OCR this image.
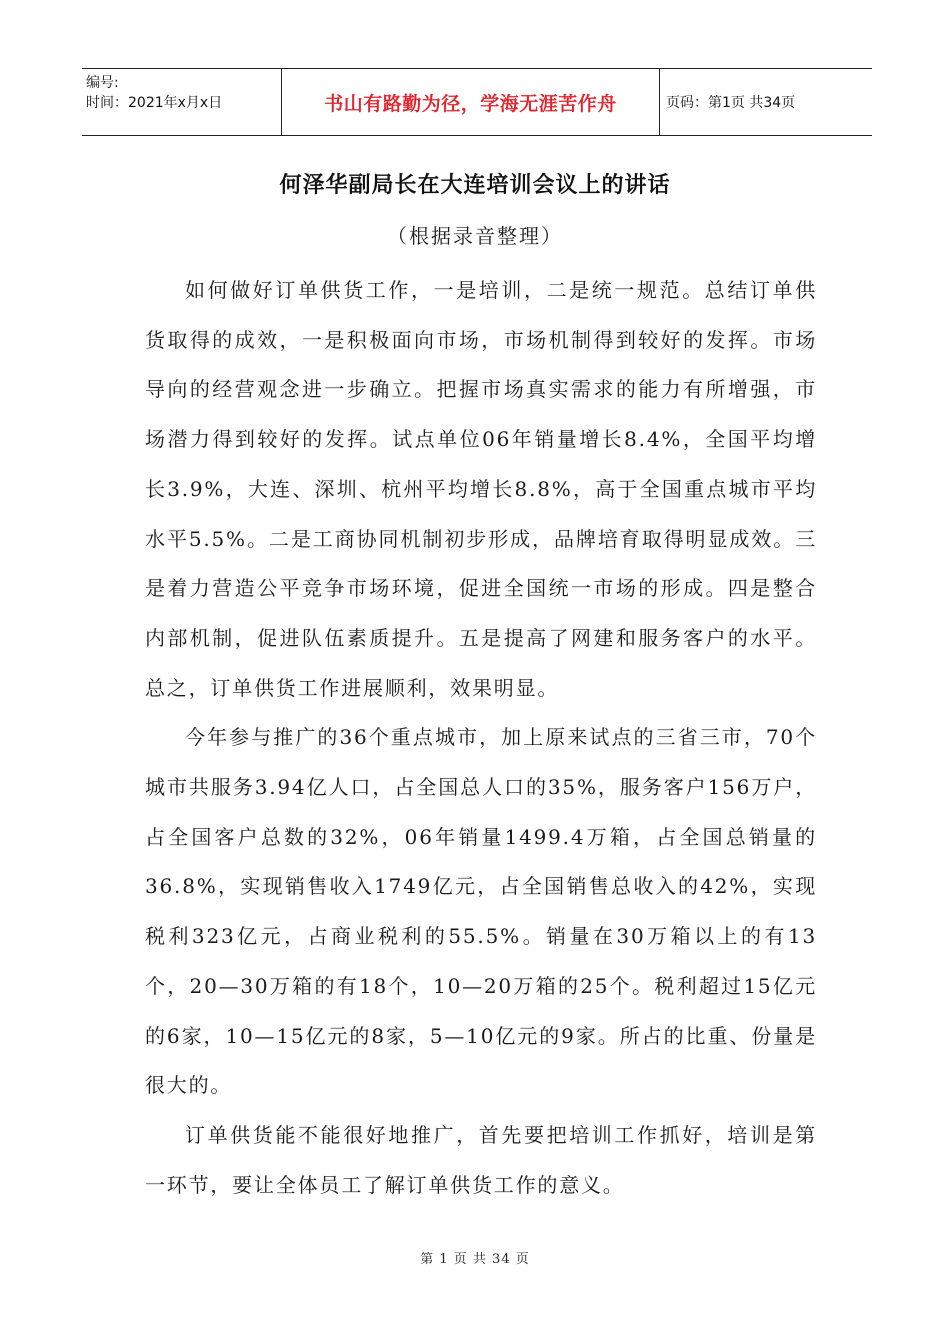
编号:
时间：2021年x月x日	书山有路勤为径，学海无涯苦作舟	页码：第1页 共34页
何泽华副局长在大连培训会议上的讲话
（根据录音整理）

如何做好订单供货工作，一是培训，二是统一规范。总结订单供货取得的成效，一是积极面向市场，市场机制得到较好的发挥。市场导向的经营观念进一步确立。把握市场真实需求的能力有所增强，市场潜力得到较好的发挥。试点单位06年销量增长8.4%，全国平均增长3.9%，大连、深圳、杭州平均增长8.8%，高于全国重点城市平均水平5.5%。二是工商协同机制初步形成，品牌培育取得明显成效。三是着力营造公平竞争市场环境，促进全国统一市场的形成。四是整合内部机制，促进队伍素质提升。五是提高了网建和服务客户的水平。总之，订单供货工作进展顺利，效果明显。

今年参与推广的36个重点城市，加上原来试点的三省三市，70个城市共服务3.94亿人口，占全国总人口的35%，服务客户156万户，占全国客户总数的32%，06年销量1499.4万箱，占全国总销量的36.8%，实现销售收入1749亿元，占全国销售总收入的42%，实现税利323亿元，占商业税利的55.5%。销量在30万箱以上的有13个，20—30万箱的有18个，10—20万箱的25个。税利超过15亿元的6家，10—15亿元的8家，5—10亿元的9家。所占的比重、份量是很大的。

订单供货能不能很好地推广，首先要把培训工作抓好，培训是第一环节，要让全体员工了解订单供货工作的意义。

第 1 页 共 34 页
